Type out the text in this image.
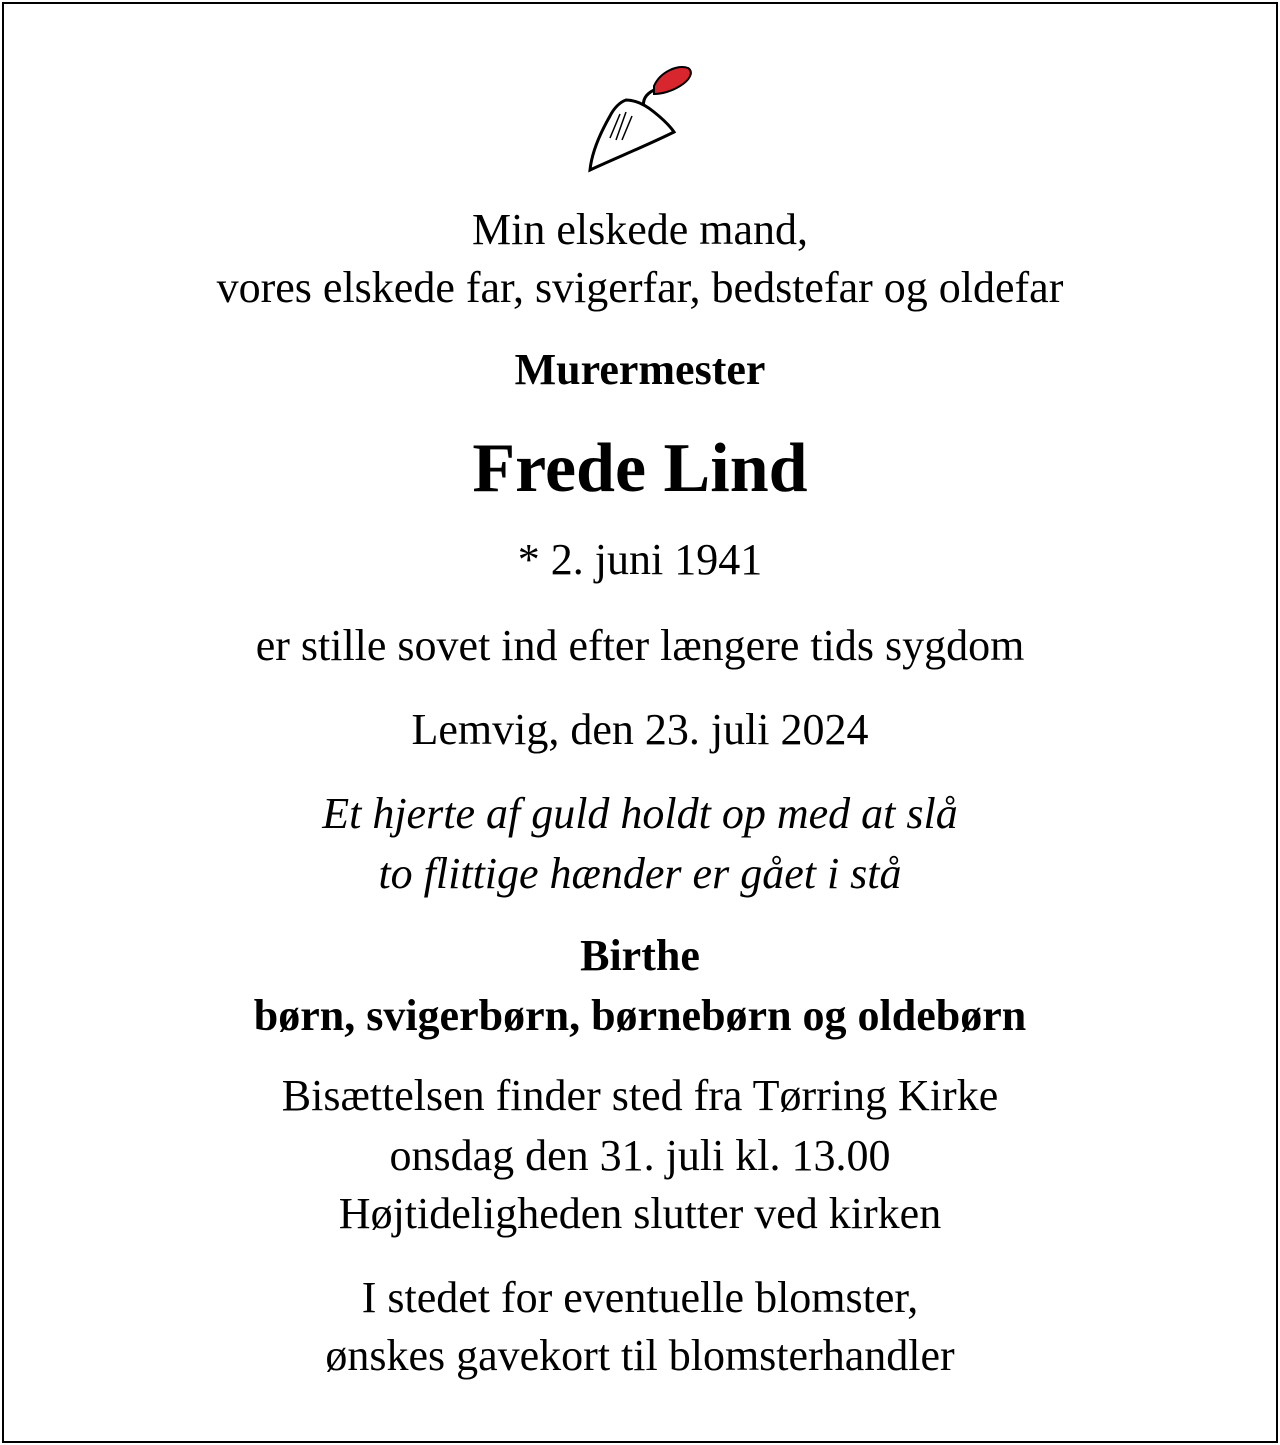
Min elskede mand,
vores elskede far, svigerfar, bedstefar og oldefar
Murermester
Frede Lind
* 2. juni 1941
er stille sovet ind efter længere tids sygdom
Lemvig, den 23. juli 2024
Et hjerte af guld holdt op med at slå
to flittige hænder er gået i stå
Birthe
børn, svigerbørn, børnebørn og oldebørn
Bisættelsen finder sted fra Tørring Kirke
onsdag den 31. juli kl. 13.00
Højtideligheden slutter ved kirken
I stedet for eventuelle blomster,
ønskes gavekort til blomsterhandler
